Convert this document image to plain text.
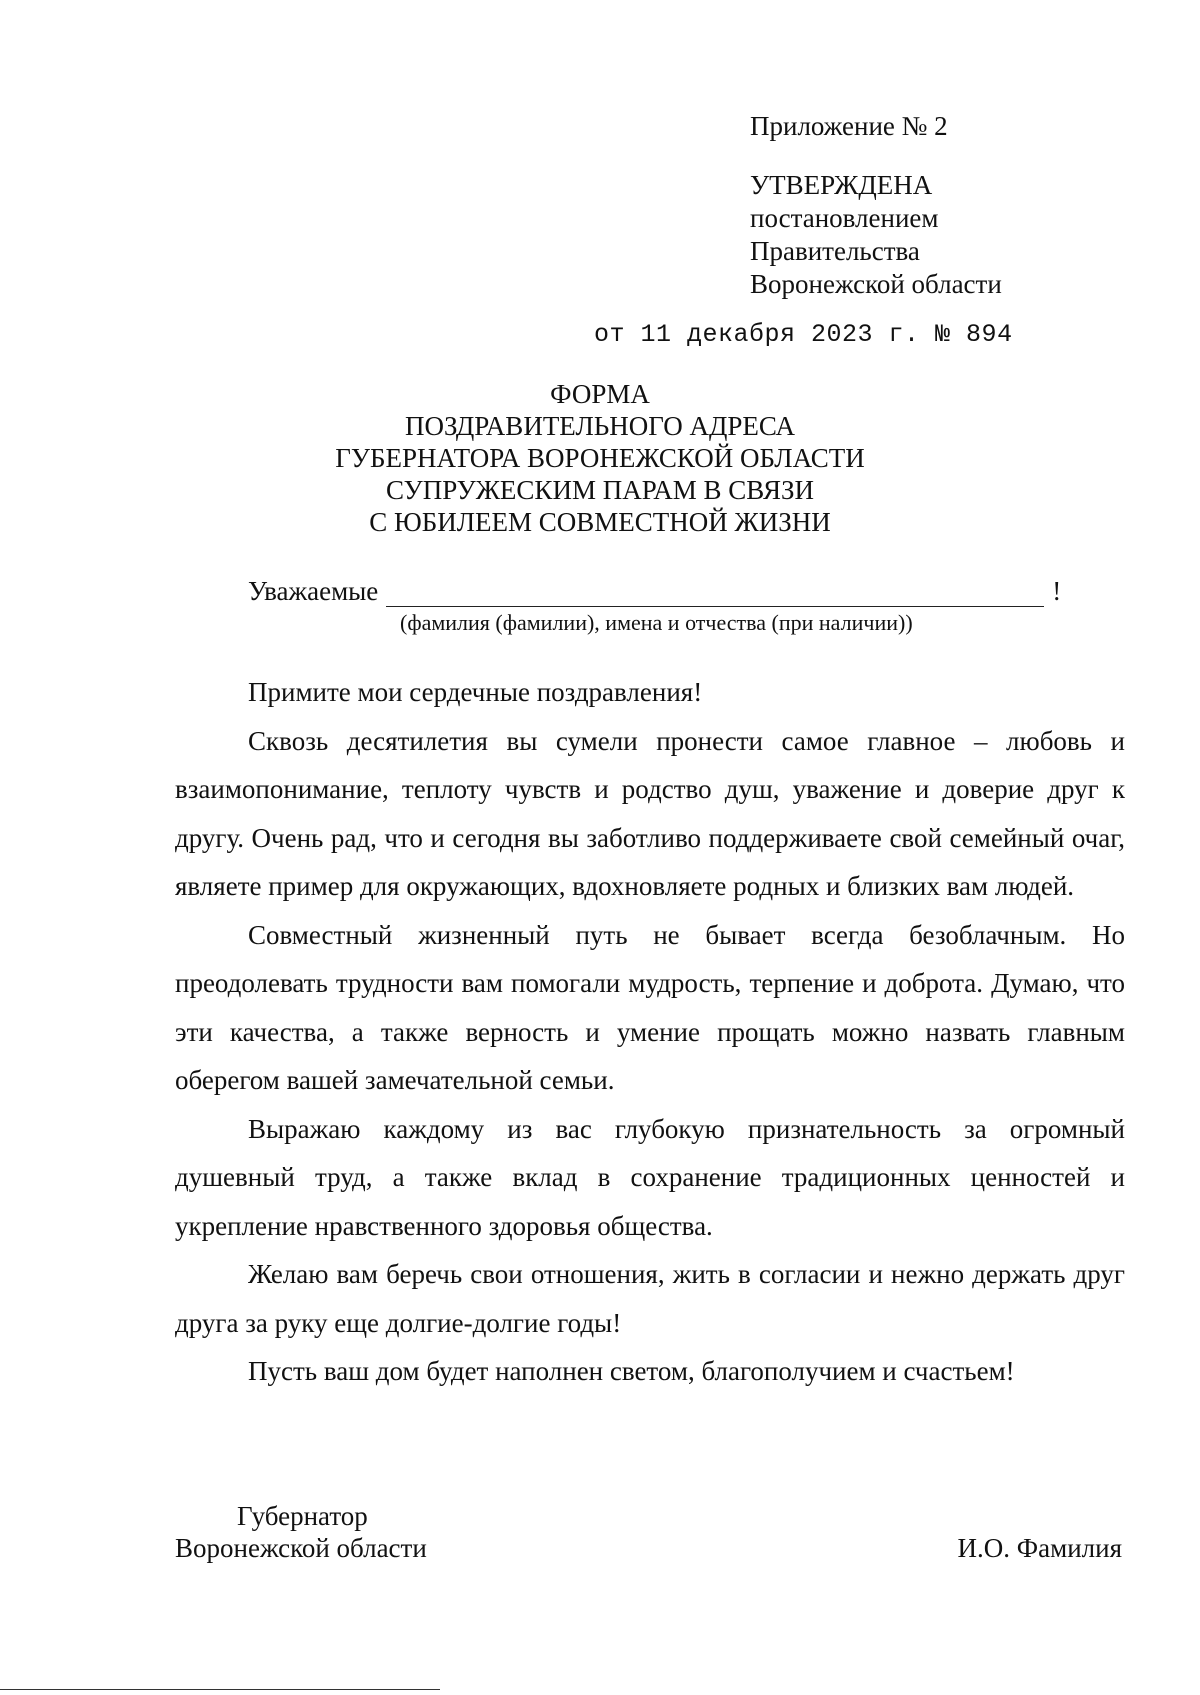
Приложение № 2
УТВЕРЖДЕНА
постановлением
Правительства
Воронежской области
от 11 декабря 2023 г. № 894
ФОРМА
ПОЗДРАВИТЕЛЬНОГО АДРЕСА
ГУБЕРНАТОРА ВОРОНЕЖСКОЙ ОБЛАСТИ
СУПРУЖЕСКИМ ПАРАМ В СВЯЗИ
С ЮБИЛЕЕМ СОВМЕСТНОЙ ЖИЗНИ
Уважаемые	!
(фамилия (фамилии), имена и отчества (при наличии))

Примите мои сердечные поздравления!

Сквозь десятилетия вы сумели пронести самое главное – любовь и взаимопонимание, теплоту чувств и родство душ, уважение и доверие друг к другу. Очень рад, что и сегодня вы заботливо поддерживаете свой семейный очаг, являете пример для окружающих, вдохновляете родных и близких вам людей.

Совместный жизненный путь не бывает всегда безоблачным. Но преодолевать трудности вам помогали мудрость, терпение и доброта. Думаю, что эти качества, а также верность и умение прощать можно назвать главным оберегом вашей замечательной семьи.

Выражаю каждому из вас глубокую признательность за огромный душевный труд, а также вклад в сохранение традиционных ценностей и укрепление нравственного здоровья общества.

Желаю вам беречь свои отношения, жить в согласии и нежно держать друг друга за руку еще долгие-долгие годы!

Пусть ваш дом будет наполнен светом, благополучием и счастьем!

Губернатор
Воронежской области	И.О. Фамилия
